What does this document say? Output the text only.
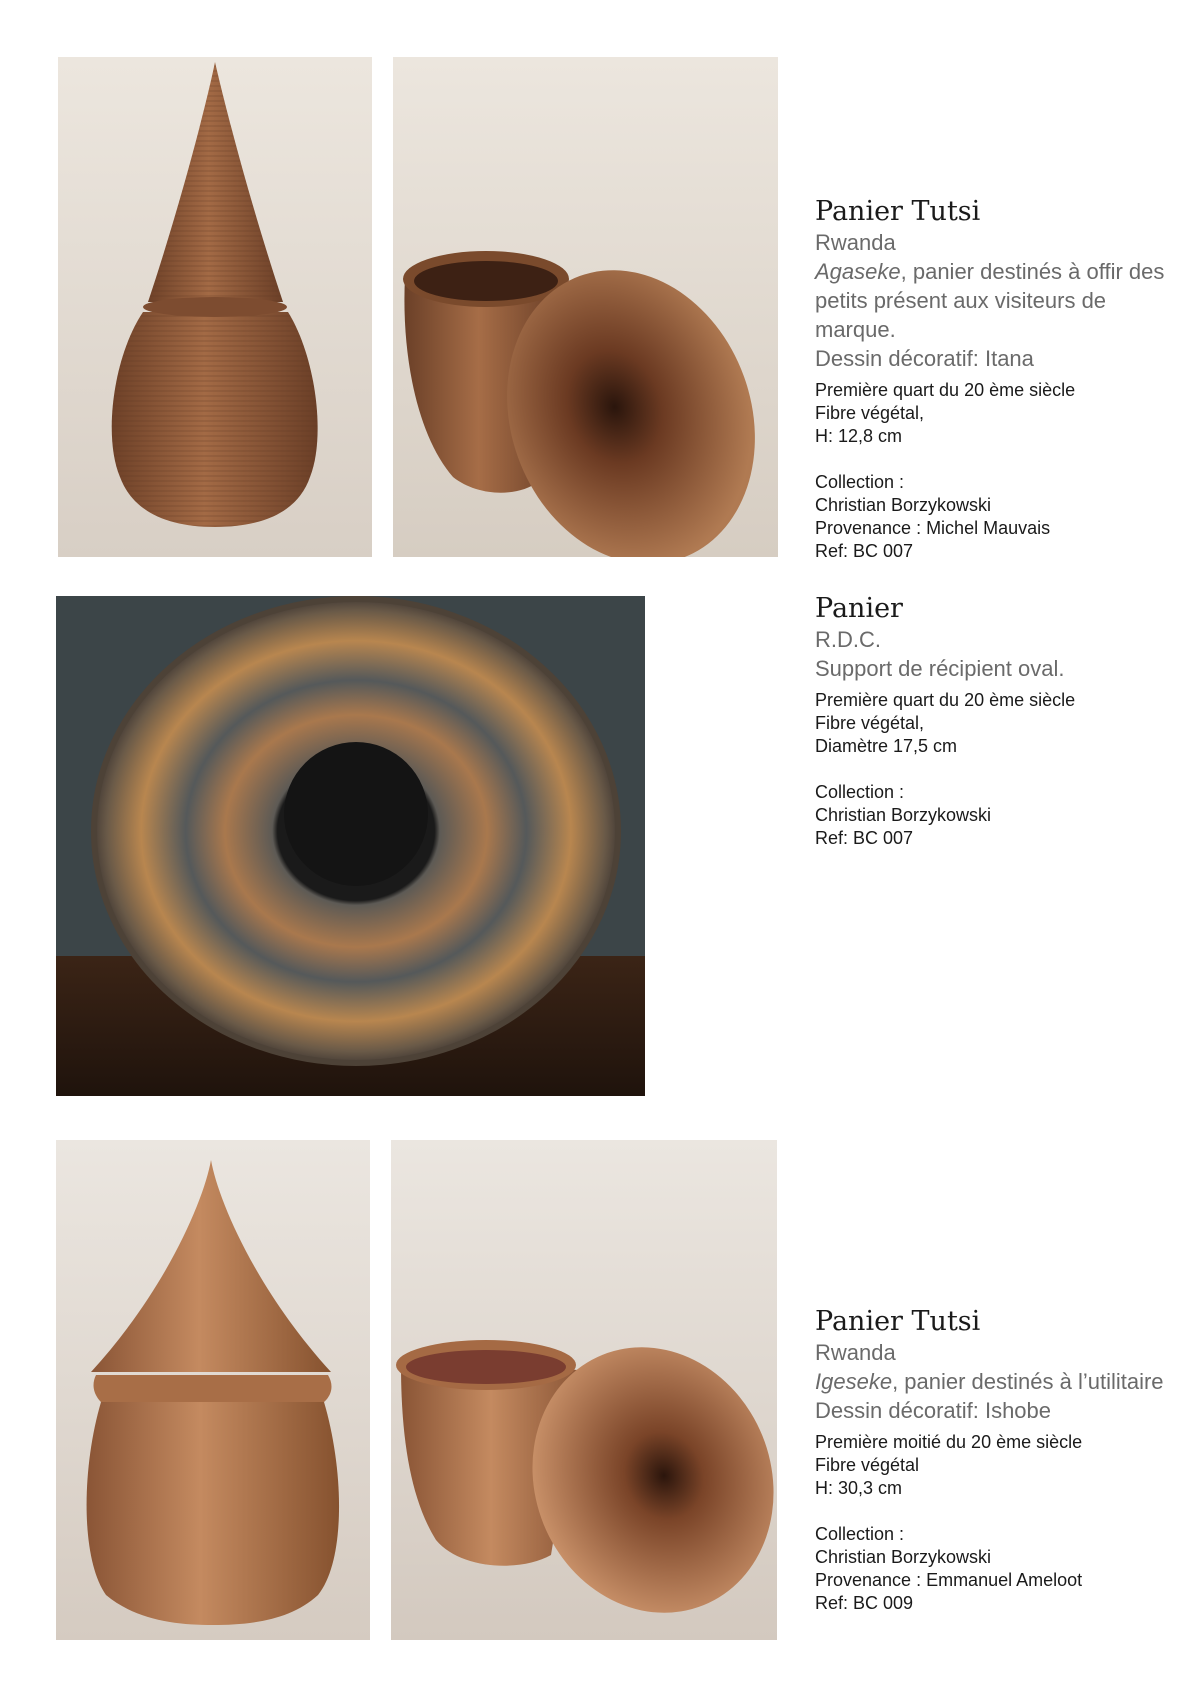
Panier Tutsi
Rwanda
Agaseke, panier destinés à offir des petits présent aux visiteurs de marque.
Dessin décoratif: Itana
Première quart du 20 ème siècle
Fibre végétal,
H: 12,8 cm
Collection :
Christian Borzykowski
Provenance : Michel Mauvais
Ref: BC 007
Panier
R.D.C.
Support de récipient oval.
Première quart du 20 ème siècle
Fibre végétal,
Diamètre 17,5 cm
Collection :
Christian Borzykowski
Ref: BC 007
Panier Tutsi
Rwanda
Igeseke, panier destinés à l’utilitaire
Dessin décoratif: Ishobe
Première moitié du 20 ème siècle
Fibre végétal
H: 30,3 cm
Collection :
Christian Borzykowski
Provenance : Emmanuel Ameloot
Ref: BC 009
